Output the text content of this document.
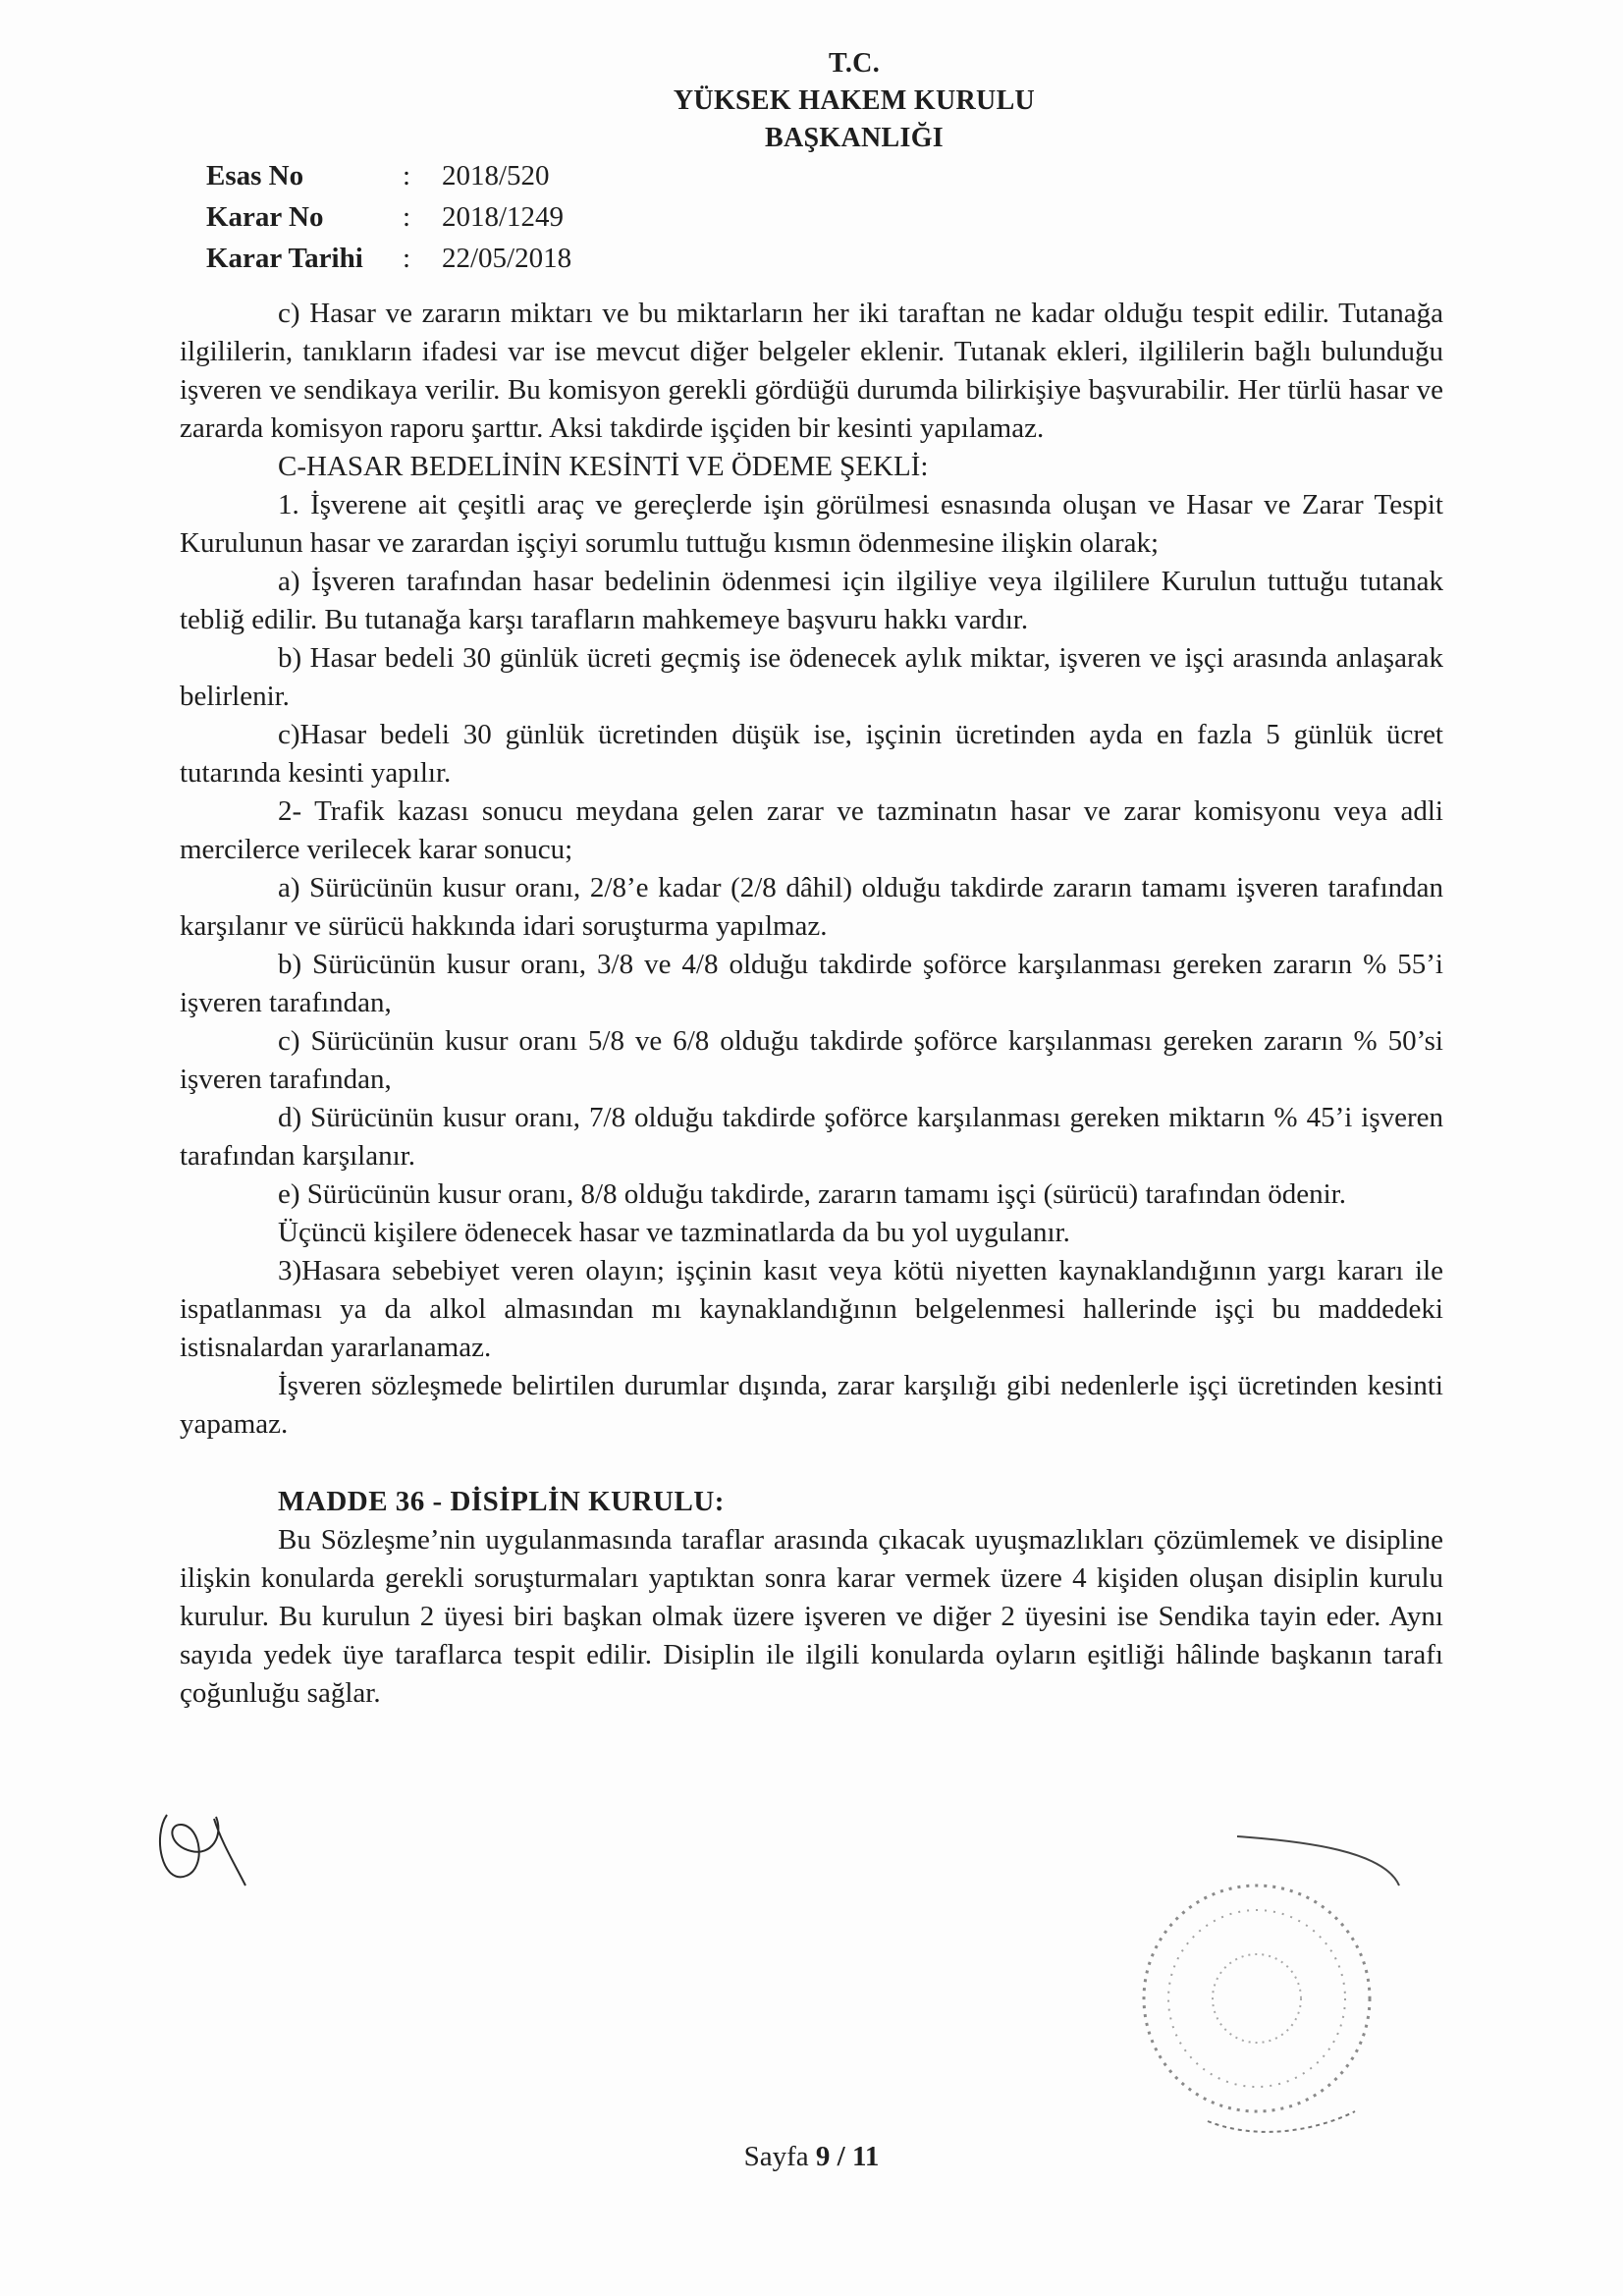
T.C.
YÜKSEK HAKEM KURULU
BAŞKANLIĞI
Esas No	:	2018/520
Karar No	:	2018/1249
Karar Tarihi	:	22/05/2018

c) Hasar ve zararın miktarı ve bu miktarların her iki taraftan ne kadar olduğu tespit edilir. Tutanağa ilgililerin, tanıkların ifadesi var ise mevcut diğer belgeler eklenir. Tutanak ekleri, ilgililerin bağlı bulunduğu işveren ve sendikaya verilir. Bu komisyon gerekli gördüğü durumda bilirkişiye başvurabilir. Her türlü hasar ve zararda komisyon raporu şarttır. Aksi takdirde işçiden bir kesinti yapılamaz.

C-HASAR BEDELİNİN KESİNTİ VE ÖDEME ŞEKLİ:

1. İşverene ait çeşitli araç ve gereçlerde işin görülmesi esnasında oluşan ve Hasar ve Zarar Tespit Kurulunun hasar ve zarardan işçiyi sorumlu tuttuğu kısmın ödenmesine ilişkin olarak;

a) İşveren tarafından hasar bedelinin ödenmesi için ilgiliye veya ilgililere Kurulun tuttuğu tutanak tebliğ edilir. Bu tutanağa karşı tarafların mahkemeye başvuru hakkı vardır.

b) Hasar bedeli 30 günlük ücreti geçmiş ise ödenecek aylık miktar, işveren ve işçi arasında anlaşarak belirlenir.

c)Hasar bedeli 30 günlük ücretinden düşük ise, işçinin ücretinden ayda en fazla 5 günlük ücret tutarında kesinti yapılır.

2- Trafik kazası sonucu meydana gelen zarar ve tazminatın hasar ve zarar komisyonu veya adli mercilerce verilecek karar sonucu;

a) Sürücünün kusur oranı, 2/8’e kadar (2/8 dâhil) olduğu takdirde zararın tamamı işveren tarafından karşılanır ve sürücü hakkında idari soruşturma yapılmaz.

b) Sürücünün kusur oranı, 3/8 ve 4/8 olduğu takdirde şoförce karşılanması gereken zararın % 55’i işveren tarafından,

c) Sürücünün kusur oranı 5/8 ve 6/8 olduğu takdirde şoförce karşılanması gereken zararın % 50’si işveren tarafından,

d) Sürücünün kusur oranı, 7/8 olduğu takdirde şoförce karşılanması gereken miktarın % 45’i işveren tarafından karşılanır.

e) Sürücünün kusur oranı, 8/8 olduğu takdirde, zararın tamamı işçi (sürücü) tarafından ödenir.

Üçüncü kişilere ödenecek hasar ve tazminatlarda da bu yol uygulanır.

3)Hasara sebebiyet veren olayın; işçinin kasıt veya kötü niyetten kaynaklandığının yargı kararı ile ispatlanması ya da alkol almasından mı kaynaklandığının belgelenmesi hallerinde işçi bu maddedeki istisnalardan yararlanamaz.

İşveren sözleşmede belirtilen durumlar dışında, zarar karşılığı gibi nedenlerle işçi ücretinden kesinti yapamaz.

MADDE 36 - DİSİPLİN KURULU:

Bu Sözleşme’nin uygulanmasında taraflar arasında çıkacak uyuşmazlıkları çözümlemek ve disipline ilişkin konularda gerekli soruşturmaları yaptıktan sonra karar vermek üzere 4 kişiden oluşan disiplin kurulu kurulur. Bu kurulun 2 üyesi biri başkan olmak üzere işveren ve diğer 2 üyesini ise Sendika tayin eder. Aynı sayıda yedek üye taraflarca tespit edilir. Disiplin ile ilgili konularda oyların eşitliği hâlinde başkanın tarafı çoğunluğu sağlar.

Sayfa 9 / 11
